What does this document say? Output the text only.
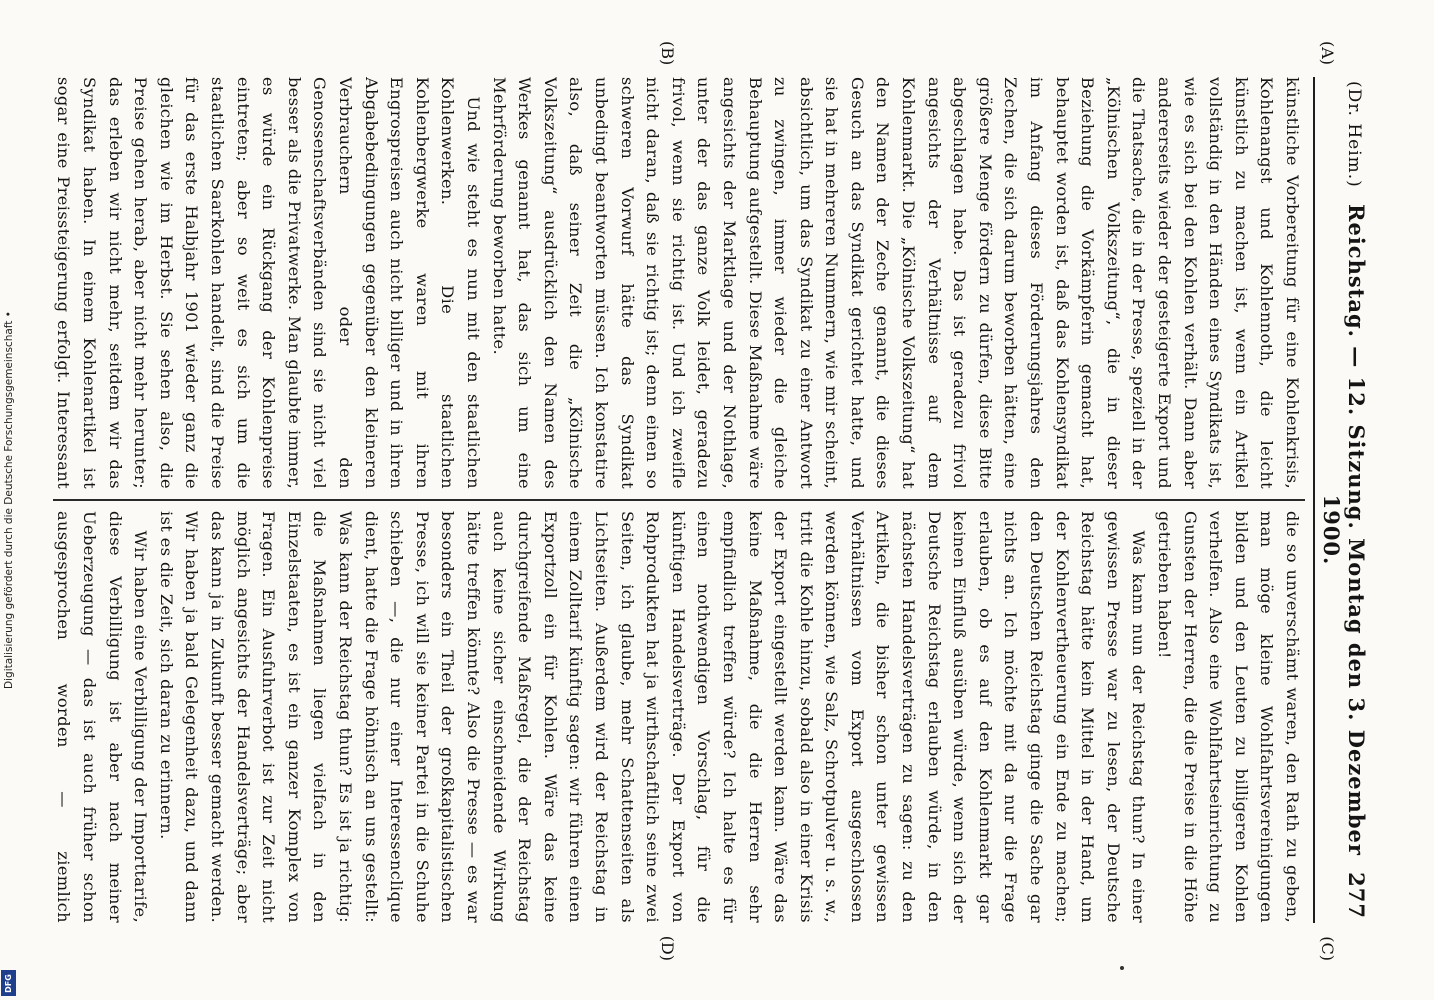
Digitalisierung gefördert durch die Deutsche Forschungsgemeinschaft •
DFG
(Dr. Heim.)
Reichstag. — 12. Sitzung. Montag den 3. Dezember 1900.
277

künstliche Vorbereitung für eine Kohlenkrisis, Kohlenangst und Kohlennoth, die leicht künstlich zu machen ist, wenn ein Artikel vollständig in den Händen eines Syndikats ist, wie es sich bei den Kohlen verhält. Dann aber andererseits wieder der gesteigerte Export und die Thatsache, die in der Presse, speziell in der „Kölnischen Volkszeitung“, die in dieser Beziehung die Vorkämpferin gemacht hat, behauptet worden ist, daß das Kohlensyndikat im Anfang dieses Förderungsjahres den Zechen, die sich darum beworben hätten, eine größere Menge fördern zu dürfen, diese Bitte abgeschlagen habe. Das ist geradezu frivol angesichts der Verhältnisse auf dem Kohlenmarkt. Die „Kölnische Volkszeitung“ hat den Namen der Zeche genannt, die dieses Gesuch an das Syndikat gerichtet hatte, und sie hat in mehreren Nummern, wie mir scheint, absichtlich, um das Syndikat zu einer Antwort zu zwingen, immer wieder die gleiche Behauptung aufgestellt. Diese Maßnahme wäre angesichts der Marktlage und der Nothlage, unter der das ganze Volk leidet, geradezu frivol, wenn sie richtig ist. Und ich zweifle nicht daran, daß sie richtig ist; denn einen so schweren Vorwurf hätte das Syndikat unbedingt beantworten müssen. Ich konstatire also, daß seiner Zeit die „Kölnische Volkszeitung“ ausdrücklich den Namen des Werkes genannt hat, das sich um eine Mehrförderung beworben hatte.

Und wie steht es nun mit den staatlichen Kohlenwerken. Die staatlichen Kohlenbergwerke waren mit ihren Engrospreisen auch nicht billiger und in ihren Abgabebedingungen gegenüber den kleineren Verbrauchern oder den Genossenschaftsverbänden sind sie nicht viel besser als die Privatwerke. Man glaubte immer, es würde ein Rückgang der Kohlenpreise eintreten; aber so weit es sich um die staatlichen Saarkohlen handelt, sind die Preise für das erste Halbjahr 1901 wieder ganz die gleichen wie im Herbst. Sie sehen also, die Preise gehen herab, aber nicht mehr herunter; das erleben wir nicht mehr, seitdem wir das Syndikat haben. In einem Kohlenartikel ist sogar eine Preissteigerung erfolgt. Interessant

die so unverschämt waren, den Rath zu geben, man möge kleine Wohlfahrtsvereinigungen bilden und den Leuten zu billigeren Kohlen verhelfen. Also eine Wohlfahrtseinrichtung zu Gunsten der Herren, die die Preise in die Höhe getrieben haben!

Was kann nun der Reichstag thun? In einer gewissen Presse war zu lesen, der Deutsche Reichstag hätte kein Mittel in der Hand, um der Kohlenvertheuerung ein Ende zu machen; den Deutschen Reichstag ginge die Sache gar nichts an. Ich möchte mit da nur die Frage erlauben, ob es auf den Kohlenmarkt gar keinen Einfluß ausüben würde, wenn sich der Deutsche Reichstag erlauben würde, in den nächsten Handelsverträgen zu sagen: zu den Artikeln, die bisher schon unter gewissen Verhältnissen vom Export ausgeschlossen werden können, wie Salz, Schrotpulver u. s. w., tritt die Kohle hinzu, sobald also in einer Krisis der Export eingestellt werden kann. Wäre das keine Maßnahme, die die Herren sehr empfindlich treffen würde? Ich halte es für einen nothwendigen Vorschlag, für die künftigen Handelsverträge. Der Export von Rohprodukten hat ja wirthschaftlich seine zwei Seiten, ich glaube, mehr Schattenseiten als Lichtseiten. Außerdem wird der Reichstag in einem Zolltarif künftig sagen: wir führen einen Exportzoll ein für Kohlen. Wäre das keine durchgreifende Maßregel, die der Reichstag auch keine sicher einschneidende Wirkung hätte treffen könnte? Also die Presse — es war besonders ein Theil der großkapitalistischen Presse, ich will sie keiner Partei in die Schuhe schieben —, die nur einer Interessenclique dient, hatte die Frage höhnisch an uns gestellt: Was kann der Reichstag thun? Es ist ja richtig: die Maßnahmen liegen vielfach in den Einzelstaaten, es ist ein ganzer Komplex von Fragen. Ein Ausfuhrverbot ist zur Zeit nicht möglich angesichts der Handelsverträge; aber das kann ja in Zukunft besser gemacht werden. Wir haben ja bald Gelegenheit dazu, und dann ist es die Zeit, sich daran zu erinnern.

Wir haben eine Verbilligung der Importtarife, diese Verbilligung ist aber nach meiner Ueberzeugung — das ist auch früher schon ausgesprochen worden — ziemlich

(A)
(B)
(C)
(D)
